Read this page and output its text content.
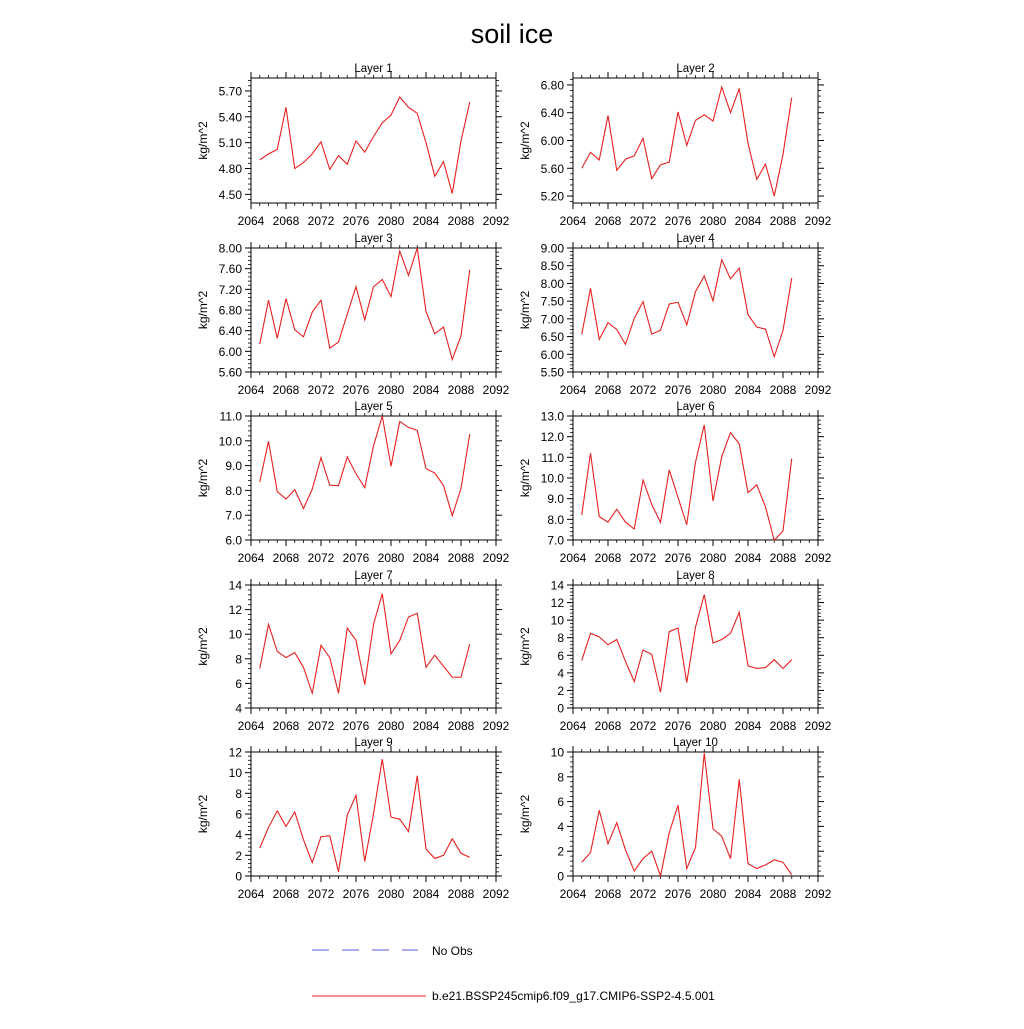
soil ice
Layer 1
kg/m^2
2064 2068 2072 2076 2080 2084 2088 2092
4.50
4.80
5.10
5.40
5.70
Layer 2
kg/m^2
2064 2068 2072 2076 2080 2084 2088 2092
5.20
5.60
6.00
6.40
6.80
Layer 3
kg/m^2
2064 2068 2072 2076 2080 2084 2088 2092
5.60
6.00
6.40
6.80
7.20
7.60
8.00
Layer 4
kg/m^2
2064 2068 2072 2076 2080 2084 2088 2092
5.50
6.00
6.50
7.00
7.50
8.00
8.50
9.00
Layer 5
kg/m^2
2064 2068 2072 2076 2080 2084 2088 2092
6.0
7.0
8.0
9.0
10.0
11.0
Layer 6
kg/m^2
2064 2068 2072 2076 2080 2084 2088 2092
7.0
8.0
9.0
10.0
11.0
12.0
13.0
Layer 7
kg/m^2
2064 2068 2072 2076 2080 2084 2088 2092
4
6
8
10
12
14
Layer 8
kg/m^2
2064 2068 2072 2076 2080 2084 2088 2092
0
2
4
6
8
10
12
14
Layer 9
kg/m^2
2064 2068 2072 2076 2080 2084 2088 2092
0
2
4
6
8
10
12
Layer 10
kg/m^2
2064 2068 2072 2076 2080 2084 2088 2092
0
2
4
6
8
10
No Obs
b.e21.BSSP245cmip6.f09_g17.CMIP6-SSP2-4.5.001
